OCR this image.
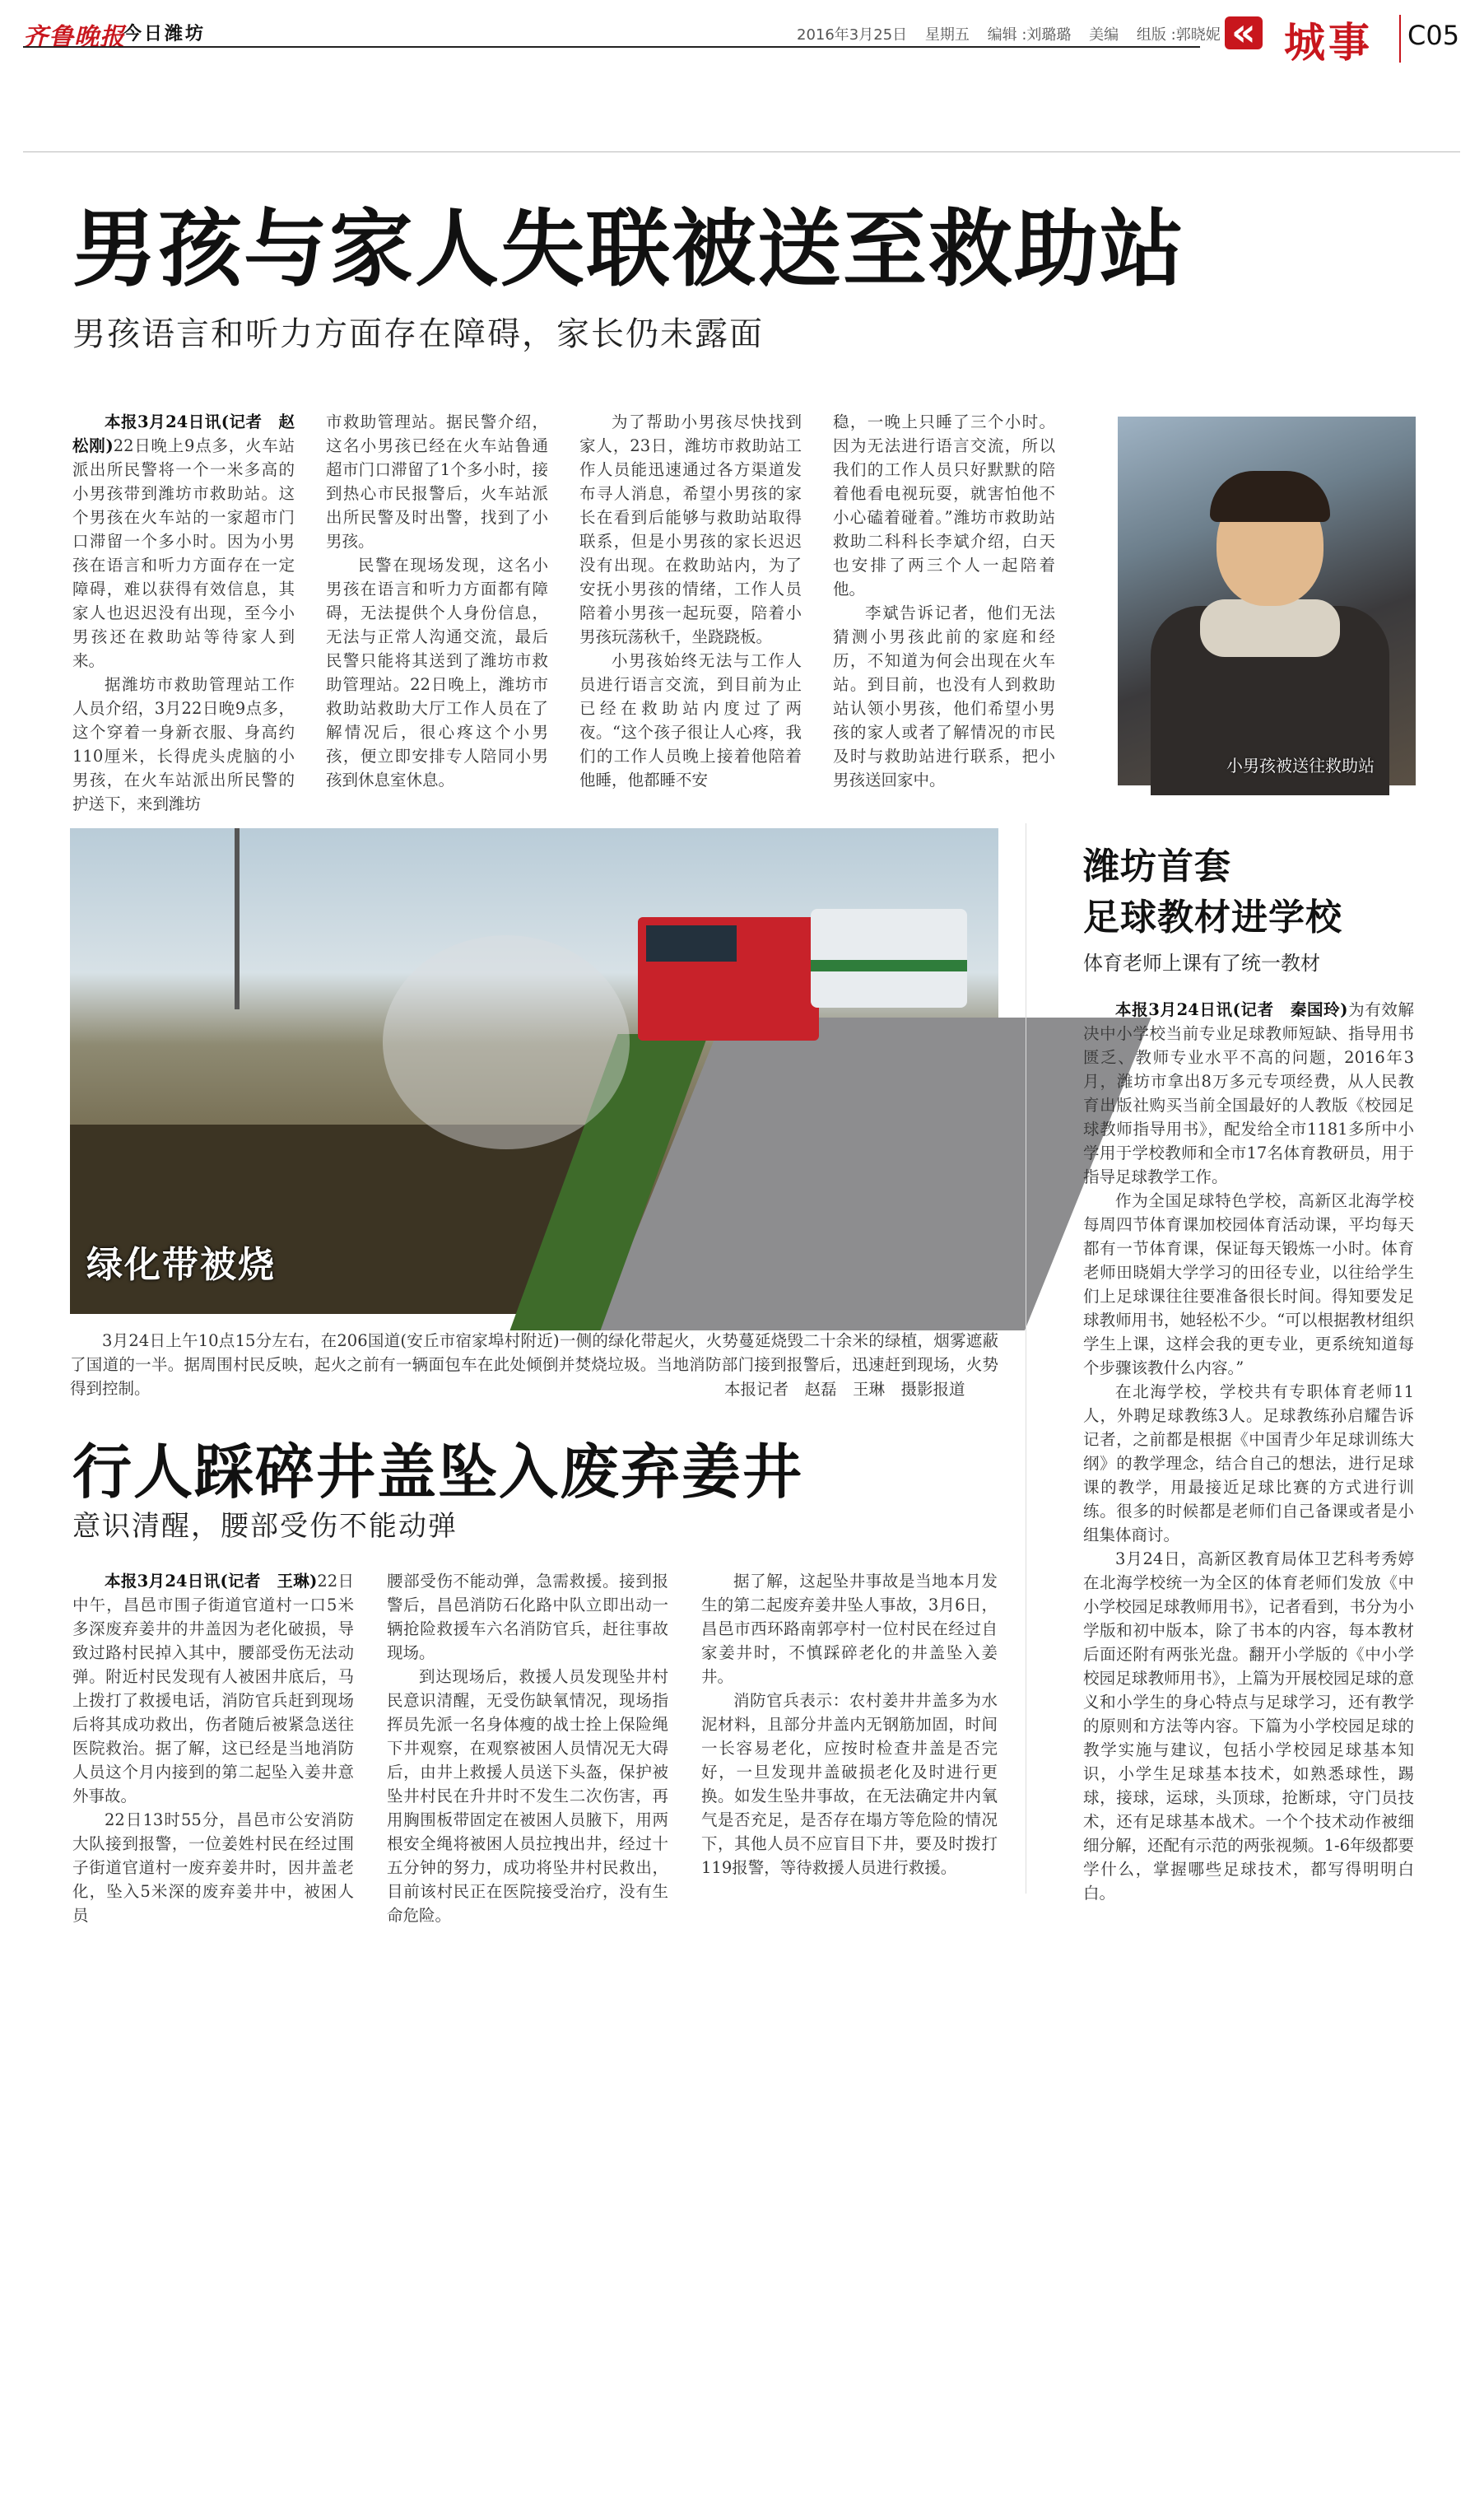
齐鲁晚报
今日潍坊	2016年3月25日 星期五 编辑 :刘璐璐 美编 组版 :郭晓妮
«	城事 C05
男孩与家人失联被送至救助站
男孩语言和听力方面存在障碍，家长仍未露面

本报3月24日讯(记者　赵松刚)22日晚上9点多，火车站派出所民警将一个一米多高的小男孩带到潍坊市救助站。这个男孩在火车站的一家超市门口滞留一个多小时。因为小男孩在语言和听力方面存在一定障碍，难以获得有效信息，其家人也迟迟没有出现，至今小男孩还在救助站等待家人到来。

据潍坊市救助管理站工作人员介绍，3月22日晚9点多，这个穿着一身新衣服、身高约110厘米，长得虎头虎脑的小男孩，在火车站派出所民警的护送下，来到潍坊

市救助管理站。据民警介绍，这名小男孩已经在火车站鲁通超市门口滞留了1个多小时，接到热心市民报警后，火车站派出所民警及时出警，找到了小男孩。

民警在现场发现，这名小男孩在语言和听力方面都有障碍，无法提供个人身份信息，无法与正常人沟通交流，最后民警只能将其送到了潍坊市救助管理站。22日晚上，潍坊市救助站救助大厅工作人员在了解情况后，很心疼这个小男孩，便立即安排专人陪同小男孩到休息室休息。

为了帮助小男孩尽快找到家人，23日，潍坊市救助站工作人员能迅速通过各方渠道发布寻人消息，希望小男孩的家长在看到后能够与救助站取得联系，但是小男孩的家长迟迟没有出现。在救助站内，为了安抚小男孩的情绪，工作人员陪着小男孩一起玩耍，陪着小男孩玩荡秋千，坐跷跷板。

小男孩始终无法与工作人员进行语言交流，到目前为止已经在救助站内度过了两夜。“这个孩子很让人心疼，我们的工作人员晚上接着他陪着他睡，他都睡不安

稳，一晚上只睡了三个小时。因为无法进行语言交流，所以我们的工作人员只好默默的陪着他看电视玩耍，就害怕他不小心磕着碰着。”潍坊市救助站救助二科科长李斌介绍，白天也安排了两三个人一起陪着他。

李斌告诉记者，他们无法猜测小男孩此前的家庭和经历，不知道为何会出现在火车站。到目前，也没有人到救助站认领小男孩，他们希望小男孩的家人或者了解情况的市民及时与救助站进行联系，把小男孩送回家中。

小男孩被送往救助站
绿化带被烧
3月24日上午10点15分左右，在206国道(安丘市宿家埠村附近)一侧的绿化带起火，火势蔓延烧毁二十余米的绿植，烟雾遮蔽了国道的一半。据周围村民反映，起火之前有一辆面包车在此处倾倒并焚烧垃圾。当地消防部门接到报警后，迅速赶到现场，火势得到控制。	本报记者　赵磊　王琳　摄影报道
行人踩碎井盖坠入废弃姜井
意识清醒，腰部受伤不能动弹

本报3月24日讯(记者　王琳)22日中午，昌邑市围子街道官道村一口5米多深废弃姜井的井盖因为老化破损，导致过路村民掉入其中，腰部受伤无法动弹。附近村民发现有人被困井底后，马上拨打了救援电话，消防官兵赶到现场后将其成功救出，伤者随后被紧急送往医院救治。据了解，这已经是当地消防人员这个月内接到的第二起坠入姜井意外事故。

22日13时55分，昌邑市公安消防大队接到报警，一位姜姓村民在经过围子街道官道村一废弃姜井时，因井盖老化，坠入5米深的废弃姜井中，被困人员

腰部受伤不能动弹，急需救援。接到报警后，昌邑消防石化路中队立即出动一辆抢险救援车六名消防官兵，赶往事故现场。

到达现场后，救援人员发现坠井村民意识清醒，无受伤缺氧情况，现场指挥员先派一名身体瘦的战士拴上保险绳下井观察，在观察被困人员情况无大碍后，由井上救援人员送下头盔，保护被坠井村民在升井时不发生二次伤害，再用胸围板带固定在被困人员腋下，用两根安全绳将被困人员拉拽出井，经过十五分钟的努力，成功将坠井村民救出，目前该村民正在医院接受治疗，没有生命危险。

据了解，这起坠井事故是当地本月发生的第二起废弃姜井坠人事故，3月6日，昌邑市西环路南郭亭村一位村民在经过自家姜井时，不慎踩碎老化的井盖坠入姜井。

消防官兵表示：农村姜井井盖多为水泥材料，且部分井盖内无钢筋加固，时间一长容易老化，应按时检查井盖是否完好，一旦发现井盖破损老化及时进行更换。如发生坠井事故，在无法确定井内氧气是否充足，是否存在塌方等危险的情况下，其他人员不应盲目下井，要及时拨打119报警，等待救援人员进行救援。

潍坊首套
足球教材进学校
体育老师上课有了统一教材

本报3月24日讯(记者　秦国玲)为有效解决中小学校当前专业足球教师短缺、指导用书匮乏、教师专业水平不高的问题，2016年3月，潍坊市拿出8万多元专项经费，从人民教育出版社购买当前全国最好的人教版《校园足球教师指导用书》，配发给全市1181多所中小学用于学校教师和全市17名体育教研员，用于指导足球教学工作。

作为全国足球特色学校，高新区北海学校每周四节体育课加校园体育活动课，平均每天都有一节体育课，保证每天锻炼一小时。体育老师田晓娟大学学习的田径专业，以往给学生们上足球课往往要准备很长时间。得知要发足球教师用书，她轻松不少。“可以根据教材组织学生上课，这样会我的更专业，更系统知道每个步骤该教什么内容。”

在北海学校，学校共有专职体育老师11人，外聘足球教练3人。足球教练孙启耀告诉记者，之前都是根据《中国青少年足球训练大纲》的教学理念，结合自己的想法，进行足球课的教学，用最接近足球比赛的方式进行训练。很多的时候都是老师们自己备课或者是小组集体商讨。

3月24日，高新区教育局体卫艺科考秀婷在北海学校统一为全区的体育老师们发放《中小学校园足球教师用书》，记者看到，书分为小学版和初中版本，除了书本的内容，每本教材后面还附有两张光盘。翻开小学版的《中小学校园足球教师用书》，上篇为开展校园足球的意义和小学生的身心特点与足球学习，还有教学的原则和方法等内容。下篇为小学校园足球的教学实施与建议，包括小学校园足球基本知识，小学生足球基本技术，如熟悉球性，踢球，接球，运球，头顶球，抢断球，守门员技术，还有足球基本战术。一个个技术动作被细细分解，还配有示范的两张视频。1-6年级都要学什么，掌握哪些足球技术，都写得明明白白。
